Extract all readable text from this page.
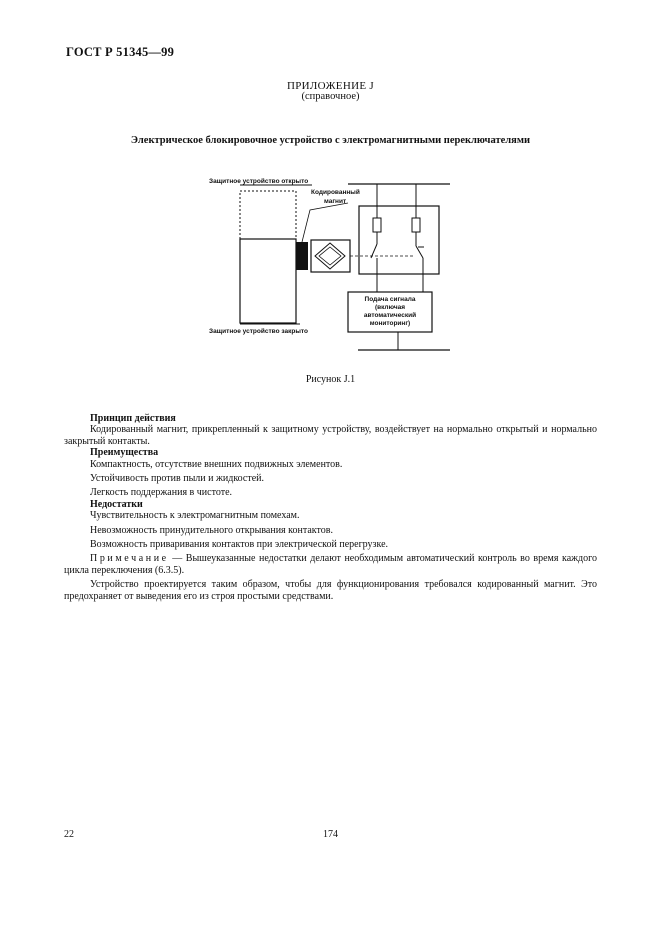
ГОСТ Р 51345—99
ПРИЛОЖЕНИЕ J
(справочное)
Электрическое блокировочное устройство с электромагнитными переключателями
Защитное устройство открыто
Кодированный
магнит
Защитное устройство закрыто
Подача сигнала
(включая
автоматический
мониторинг)
Рисунок J.1

Принцип действия

Кодированный магнит, прикрепленный к защитному устройству, воздействует на нормально открытый и нормально закрытый контакты.

Преимущества

Компактность, отсутствие внешних подвижных элементов.

Устойчивость против пыли и жидкостей.

Легкость поддержания в чистоте.

Недостатки

Чувствительность к электромагнитным помехам.

Невозможность принудительного открывания контактов.

Возможность приваривания контактов при электрической перегрузке.

Примечание — Вышеуказанные недостатки делают необходимым автоматический контроль во время каждого цикла переключения (6.3.5).

Устройство проектируется таким образом, чтобы для функционирования требовался кодированный магнит. Это предохраняет от выведения его из строя простыми средствами.

22	174
